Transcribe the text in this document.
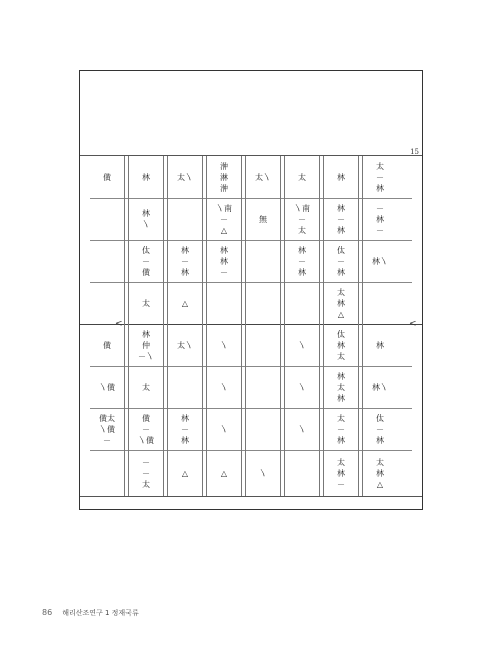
15
<	<
僙
僙
〵僙
僙太
〵僙
－
林
林
〵
㑀
－
僙
太
林
仲
－〵
太
僙
－
〵僙
－
－
太
太〵
林
－
林
△
太〵
林
－
林
△
㳞
淋
㳞
〵南
－
△
林
林
－
〵
〵
〵
△
太〵
無
〵
太
〵南
－
太
林
－
林
〵
〵
〵
林
林
－
林
㑀
－
林
太
林
△
㑀
林
太
林
太
林
太
－
林
太
林
－
太
－
林
－
林
－
林〵
林
林〵
㑀
－
林
太
林
△
86 해리산조연구 1 정재국류
